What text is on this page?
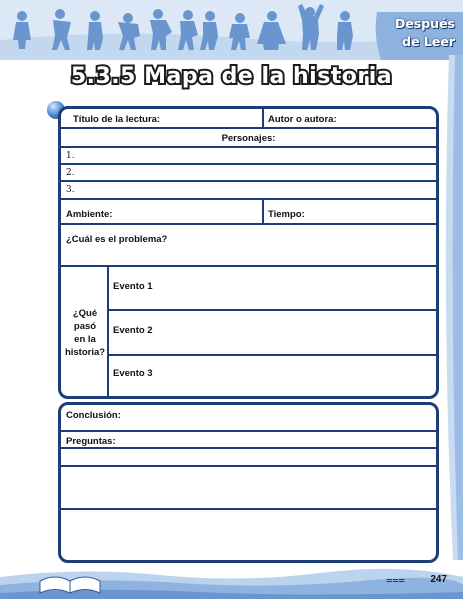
Después
de Leer
5.3.5 Mapa de la historia
Título de la lectura:	Autor o autora:
Personajes:
1.
2.
3.
Ambiente:	Tiempo:
¿Cuál es el problema?
¿Qué
pasó
en la
historia?
Evento 1
Evento 2
Evento 3
Conclusión:
Preguntas:
⩶	247
